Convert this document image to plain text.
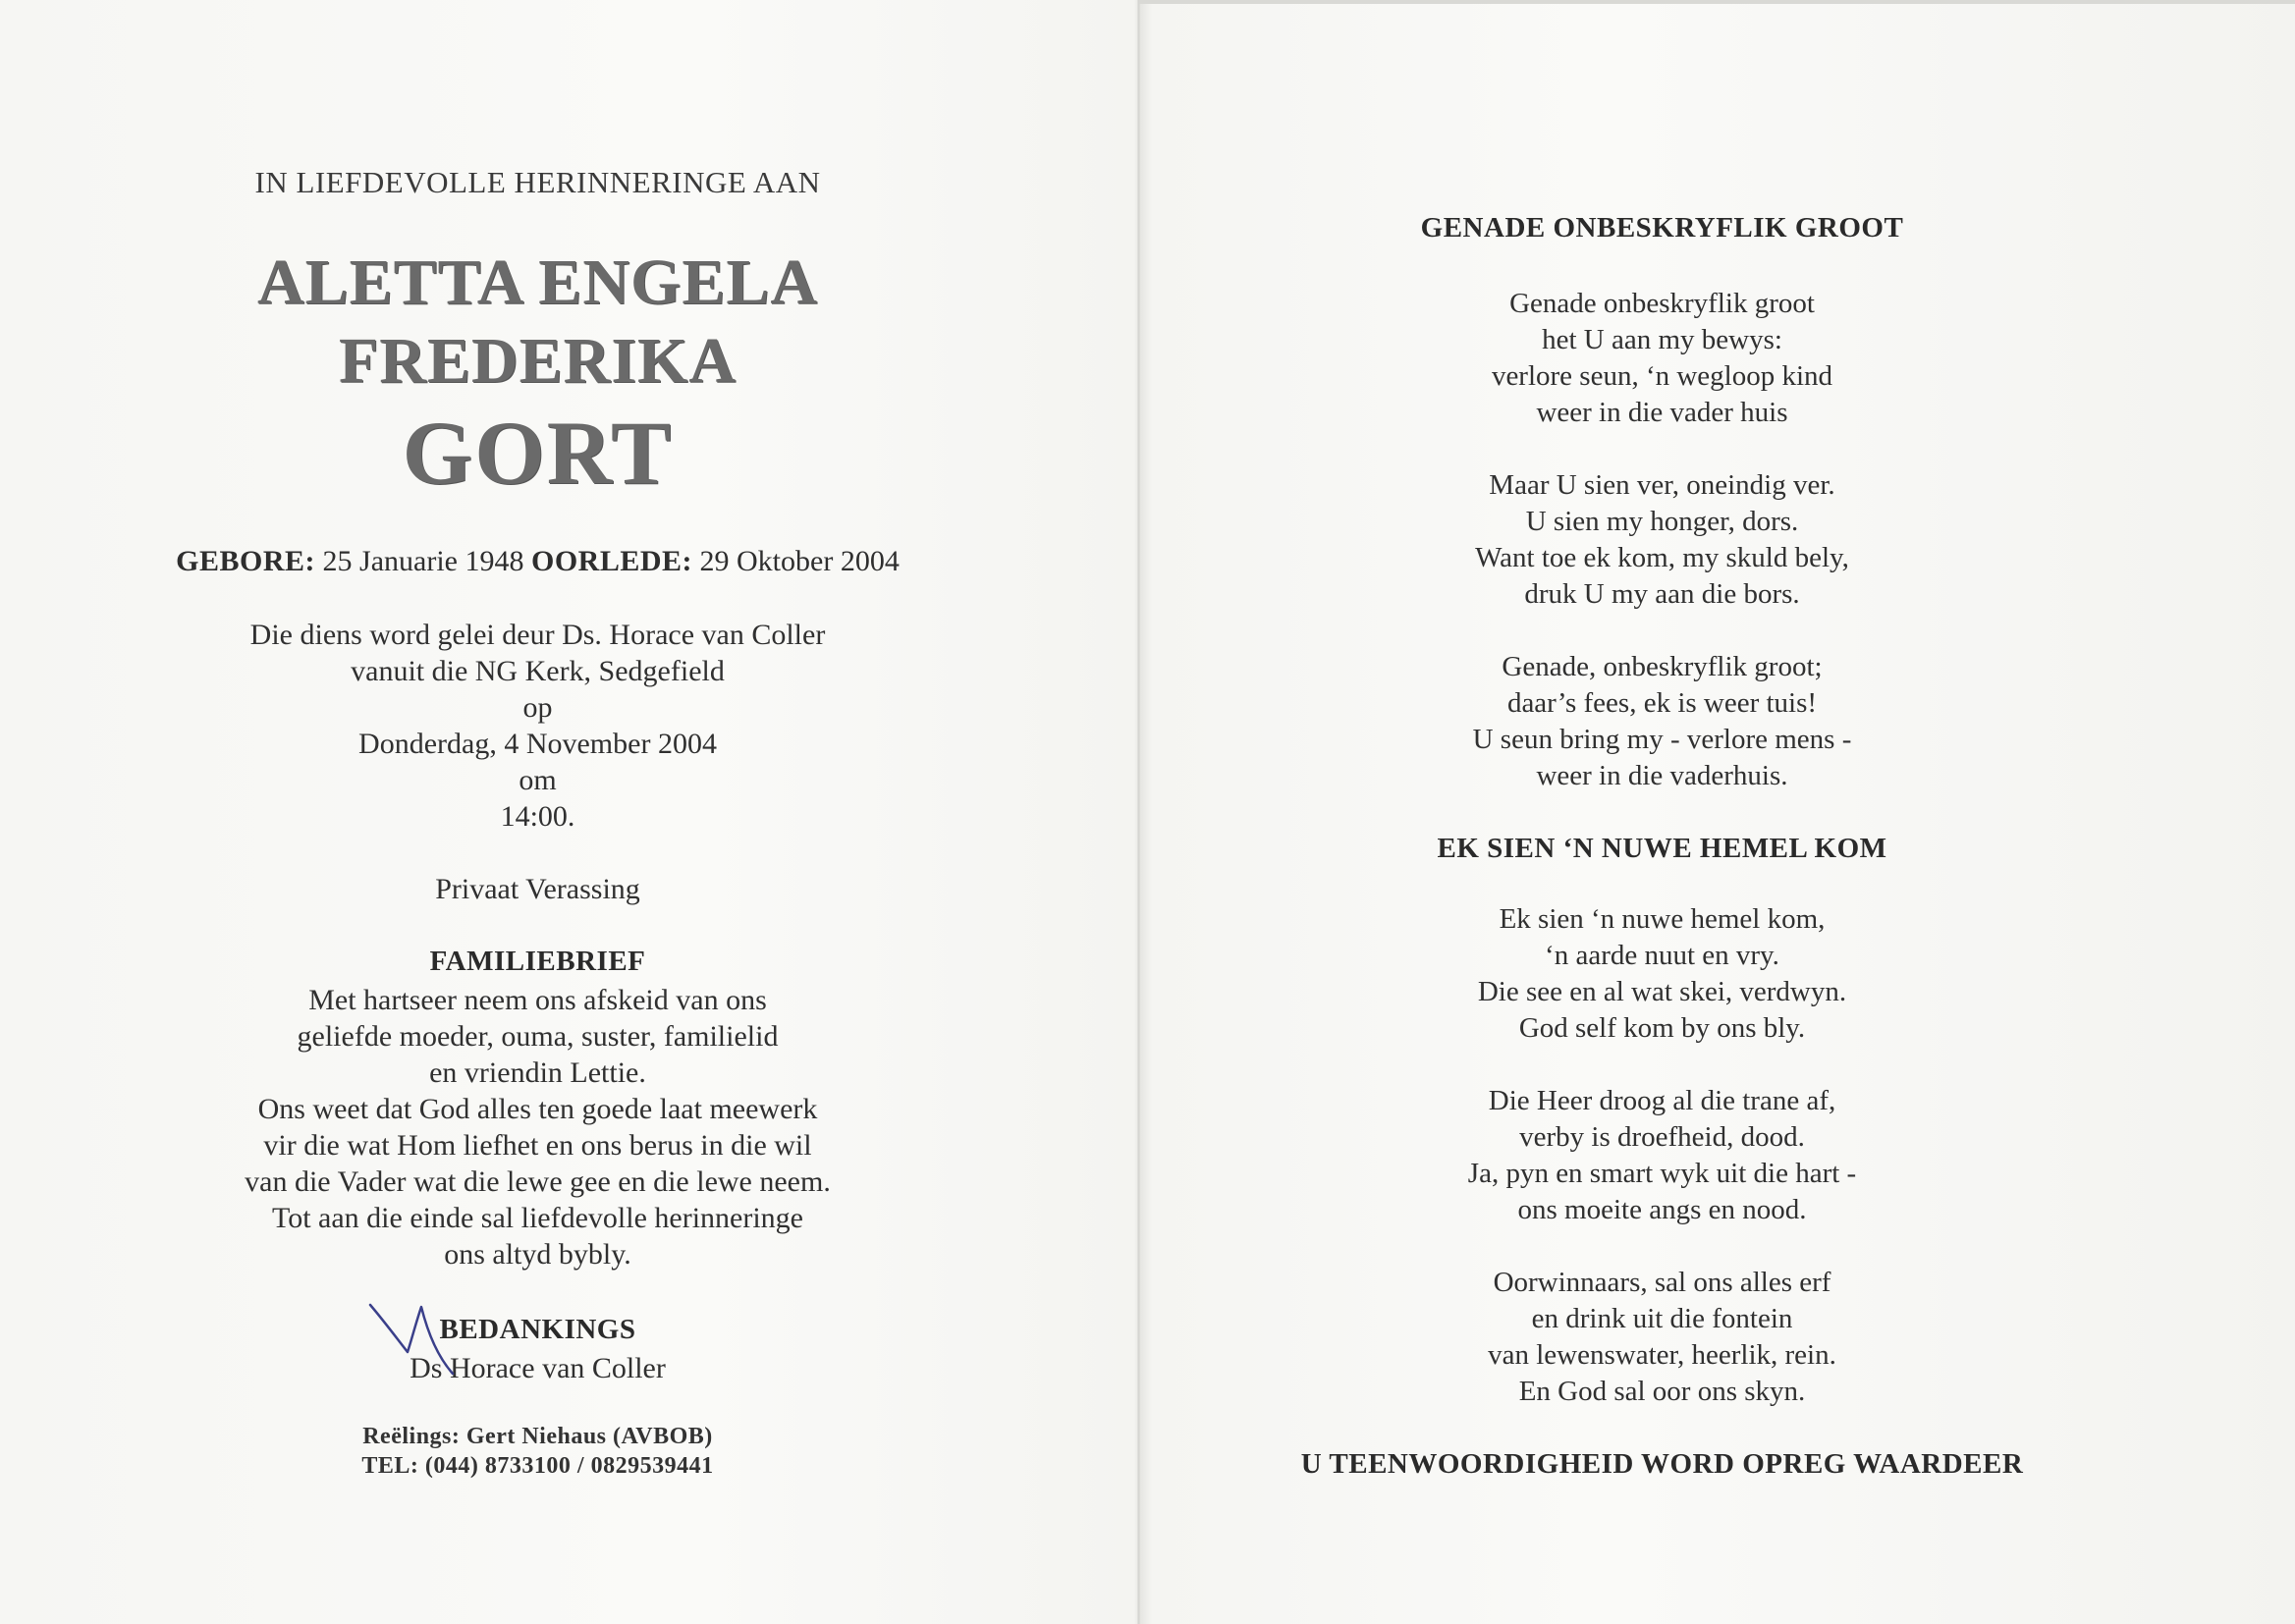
IN LIEFDEVOLLE HERINNERINGE AAN
ALETTA ENGELA
FREDERIKA
GORT
GEBORE: 25 Januarie 1948 OORLEDE: 29 Oktober 2004
Die diens word gelei deur Ds. Horace van Coller
vanuit die NG Kerk, Sedgefield
op
Donderdag, 4 November 2004
om
14:00.
Privaat Verassing
FAMILIEBRIEF
Met hartseer neem ons afskeid van ons
geliefde moeder, ouma, suster, familielid
en vriendin Lettie.
Ons weet dat God alles ten goede laat meewerk
vir die wat Hom liefhet en ons berus in die wil
van die Vader wat die lewe gee en die lewe neem.
Tot aan die einde sal liefdevolle herinneringe
ons altyd bybly.
BEDANKINGS
Ds Horace van Coller
Reëlings: Gert Niehaus (AVBOB)
TEL: (044) 8733100 / 0829539441
GENADE ONBESKRYFLIK GROOT
Genade onbeskryflik groot
het U aan my bewys:
verlore seun, ‘n wegloop kind
weer in die vader huis
Maar U sien ver, oneindig ver.
U sien my honger, dors.
Want toe ek kom, my skuld bely,
druk U my aan die bors.
Genade, onbeskryflik groot;
daar’s fees, ek is weer tuis!
U seun bring my - verlore mens -
weer in die vaderhuis.
EK SIEN ‘N NUWE HEMEL KOM
Ek sien ‘n nuwe hemel kom,
‘n aarde nuut en vry.
Die see en al wat skei, verdwyn.
God self kom by ons bly.
Die Heer droog al die trane af,
verby is droefheid, dood.
Ja, pyn en smart wyk uit die hart -
ons moeite angs en nood.
Oorwinnaars, sal ons alles erf
en drink uit die fontein
van lewenswater, heerlik, rein.
En God sal oor ons skyn.
U TEENWOORDIGHEID WORD OPREG WAARDEER
